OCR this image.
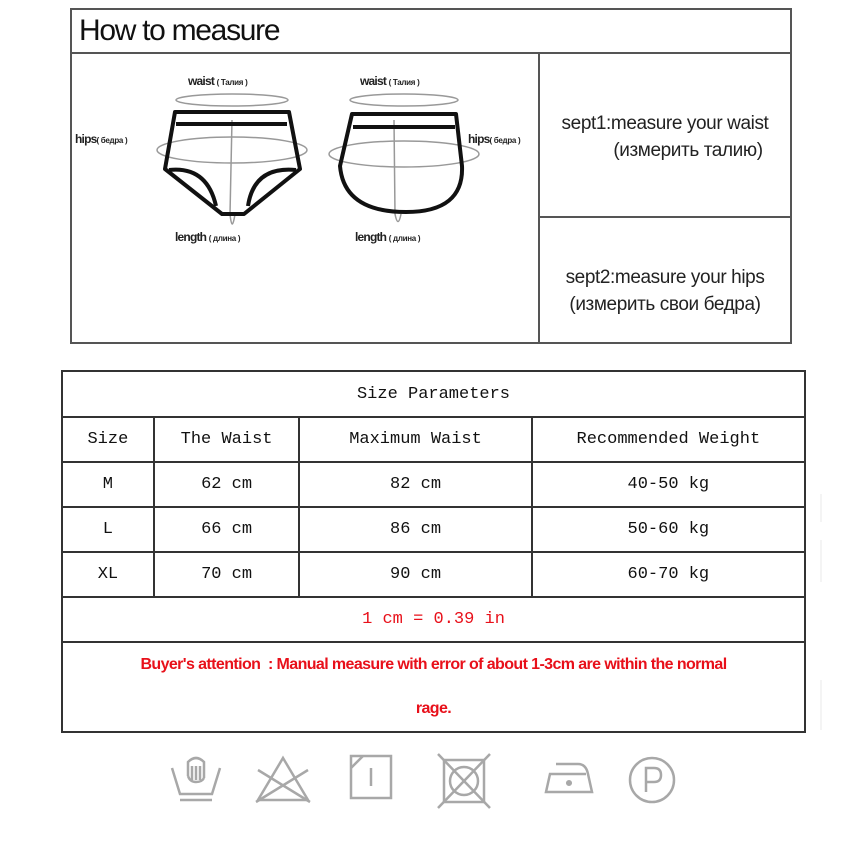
How to measure
waist ( Талия )
hips( бедра )
length ( длина )
waist ( Талия )
hips( бедра )
length ( длина )
sept1:measure your waist
(измерить талию)
sept2:measure your hips
(измерить свои бедра)
Size Parameters			
Size	The Waist	Maximum Waist	Recommended Weight
M	62 cm	82 cm	40-50 kg
L	66 cm	86 cm	50-60 kg
XL	70 cm	90 cm	60-70 kg
1 cm = 0.39 in			

Buyer's attention  : Manual measure with error of about 1-3cm are within the normal
rage.			
